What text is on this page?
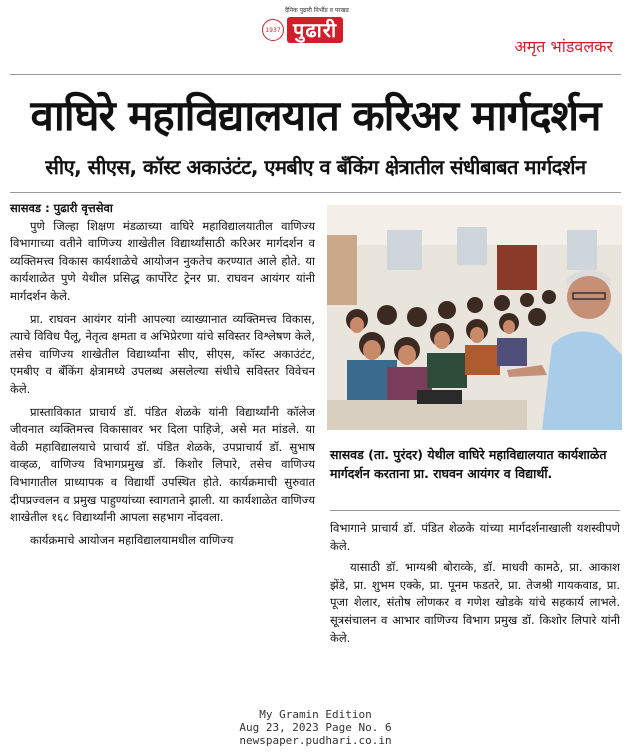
दैनिक पुढारी निर्भीड व परखड
1937 पुढारी
अमृत भांडवलकर
वाघिरे महाविद्यालयात करिअर मार्गदर्शन
सीए, सीएस, कॉस्ट अकाउंटंट, एमबीए व बँकिंग क्षेत्रातील संधीबाबत मार्गदर्शन
सासवड : पुढारी वृत्तसेवा

पुणे जिल्हा शिक्षण मंडळाच्या वाघिरे महाविद्यालयातील वाणिज्य विभागाच्या वतीने वाणिज्य शाखेतील विद्यार्थ्यांसाठी करिअर मार्गदर्शन व व्यक्तिमत्त्व विकास कार्यशाळेचे आयोजन नुकतेच करण्यात आले होते. या कार्यशाळेत पुणे येथील प्रसिद्ध कार्पोरेट ट्रेनर प्रा. राघवन आयंगर यांनी मार्गदर्शन केले.

प्रा. राघवन आयंगर यांनी आपल्या व्याख्यानात व्यक्तिमत्त्व विकास, त्याचे विविध पैलू, नेतृत्व क्षमता व अभिप्रेरणा यांचे सविस्तर विश्लेषण केले, तसेच वाणिज्य शाखेतील विद्यार्थ्यांना सीए, सीएस, कॉस्ट अकाउंटंट, एमबीए व बँकिंग क्षेत्रामध्ये उपलब्ध असलेल्या संधीचे सविस्तर विवेचन केले.

प्रास्ताविकात प्राचार्य डॉ. पंडित शेळके यांनी विद्यार्थ्यांनी कॉलेज जीवनात व्यक्तिमत्त्व विकासावर भर दिला पाहिजे, असे मत मांडले. या वेळी महाविद्यालयाचे प्राचार्य डॉ. पंडित शेळके, उपप्राचार्य डॉ. सुभाष वाव्हळ, वाणिज्य विभागप्रमुख डॉ. किशोर लिपारे, तसेच वाणिज्य विभागातील प्राध्यापक व विद्यार्थी उपस्थित होते. कार्यक्रमाची सुरुवात दीपप्रज्वलन व प्रमुख पाहुण्यांच्या स्वागताने झाली. या कार्यशाळेत वाणिज्य शाखेतील १६८ विद्यार्थ्यांनी आपला सहभाग नोंदवला.

कार्यक्रमाचे आयोजन महाविद्यालयामधील वाणिज्य

सासवड (ता. पुरंदर) येथील वाघिरे महाविद्यालयात कार्यशाळेत मार्गदर्शन करताना प्रा. राघवन आयंगर व विद्यार्थी.

विभागाने प्राचार्य डॉ. पंडित शेळके यांच्या मार्गदर्शनाखाली यशस्वीपणे केले.

यासाठी डॉ. भाग्यश्री बोराव्के, डॉ. माधवी कामठे, प्रा. आकाश झेंडे, प्रा. शुभम एक्के, प्रा. पूनम फडतरे, प्रा. तेजश्री गायकवाड, प्रा. पूजा शेलार, संतोष लोणकर व गणेश खोडके यांचे सहकार्य लाभले. सूत्रसंचालन व आभार वाणिज्य विभाग प्रमुख डॉ. किशोर लिपारे यांनी केले.

My Gramin Edition
Aug 23, 2023 Page No. 6
newspaper.pudhari.co.in
